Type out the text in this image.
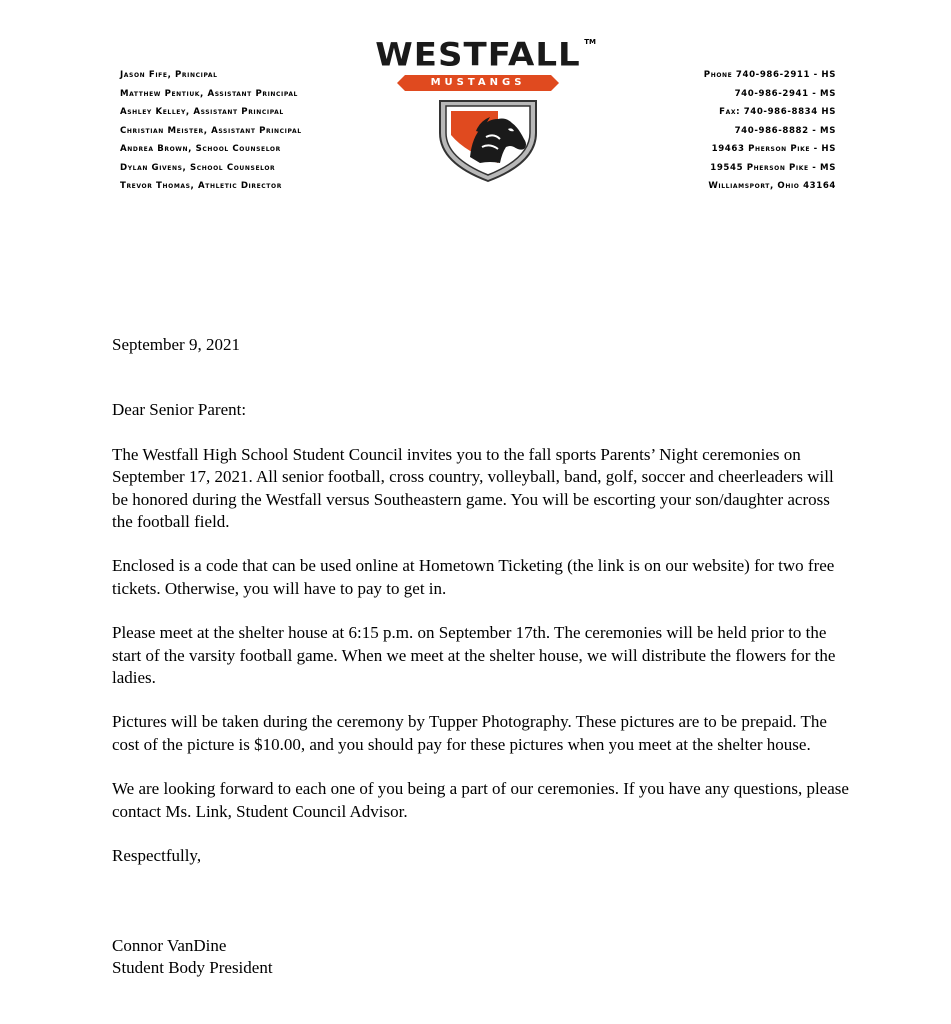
Jason Fife, Principal
Matthew Pentiuk, Assistant Principal
Ashley Kelley, Assistant Principal
Christian Meister, Assistant Principal
Andrea Brown, School Counselor
Dylan Givens, School Counselor
Trevor Thomas, Athletic Director
WESTFALL TM
MUSTANGS
Phone 740-986-2911 - HS
740-986-2941 - MS
Fax: 740-986-8834 HS
740-986-8882 - MS
19463 Pherson Pike - HS
19545 Pherson Pike - MS
Williamsport, Ohio 43164

September 9, 2021

Dear Senior Parent:

The Westfall High School Student Council invites you to the fall sports Parents’ Night ceremonies on September 17, 2021. All senior football, cross country, volleyball, band, golf, soccer and cheerleaders will be honored during the Westfall versus Southeastern game. You will be escorting your son/daughter across the football field.

Enclosed is a code that can be used online at Hometown Ticketing (the link is on our website) for two free tickets. Otherwise, you will have to pay to get in.

Please meet at the shelter house at 6:15 p.m. on September 17th. The ceremonies will be held prior to the start of the varsity football game. When we meet at the shelter house, we will distribute the flowers for the ladies.

Pictures will be taken during the ceremony by Tupper Photography. These pictures are to be prepaid. The cost of the picture is $10.00, and you should pay for these pictures when you meet at the shelter house.

We are looking forward to each one of you being a part of our ceremonies. If you have any questions, please contact Ms. Link, Student Council Advisor.

Respectfully,

Connor VanDine
Student Body President
